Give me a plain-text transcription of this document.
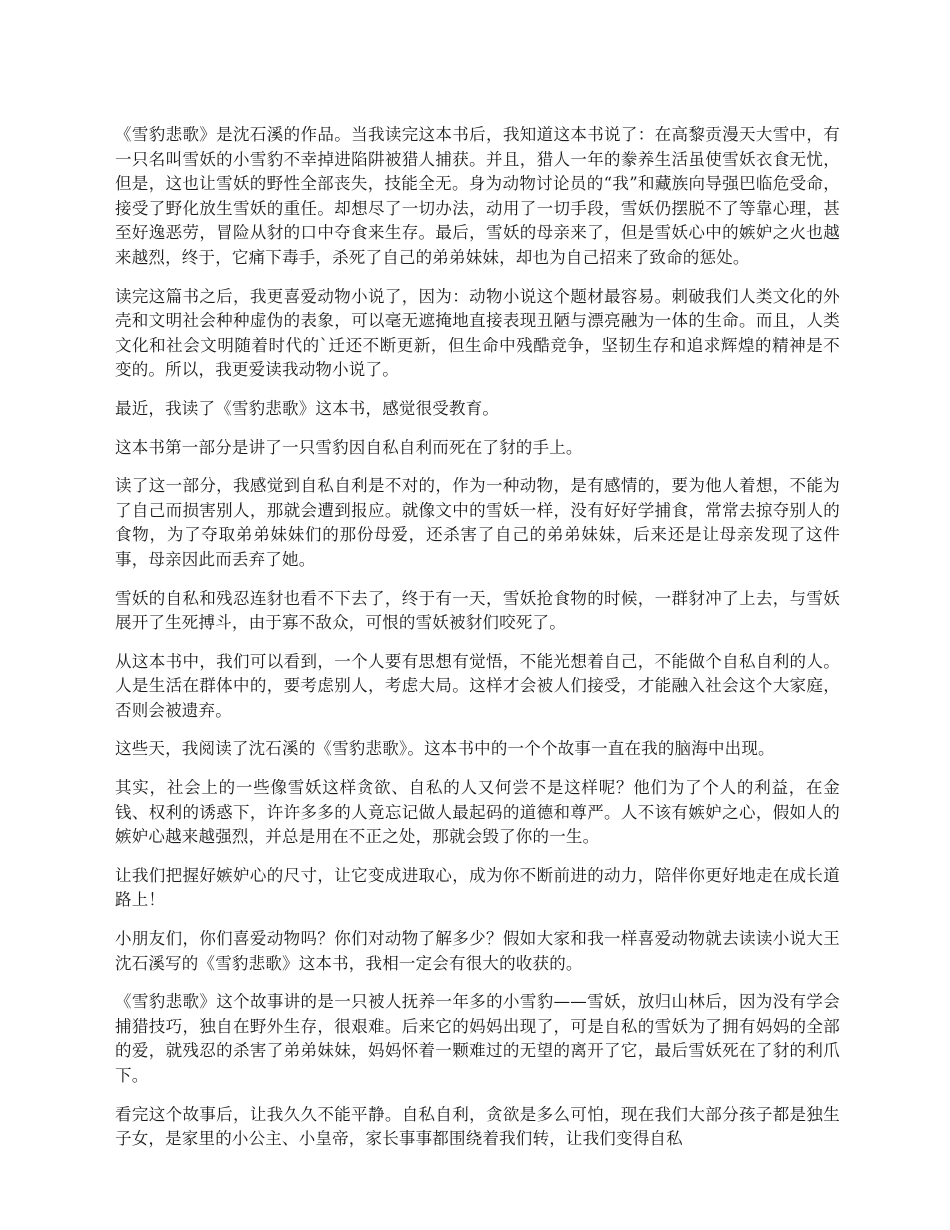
《雪豹悲歌》是沈石溪的作品。当我读完这本书后，我知道这本书说了：在高黎贡漫天大雪中，有一只名叫雪妖的小雪豹不幸掉进陷阱被猎人捕获。并且，猎人一年的豢养生活虽使雪妖衣食无忧，但是，这也让雪妖的野性全部丧失，技能全无。身为动物讨论员的“我”和藏族向导强巴临危受命，接受了野化放生雪妖的重任。却想尽了一切办法，动用了一切手段，雪妖仍摆脱不了等靠心理，甚至好逸恶劳，冒险从豺的口中夺食来生存。最后，雪妖的母亲来了，但是雪妖心中的嫉妒之火也越来越烈，终于，它痛下毒手，杀死了自己的弟弟妹妹，却也为自己招来了致命的惩处。

读完这篇书之后，我更喜爱动物小说了，因为：动物小说这个题材最容易。刺破我们人类文化的外壳和文明社会种种虚伪的表象，可以毫无遮掩地直接表现丑陋与漂亮融为一体的生命。而且，人类文化和社会文明随着时代的`迁还不断更新，但生命中残酷竞争，坚韧生存和追求辉煌的精神是不变的。所以，我更爱读我动物小说了。

最近，我读了《雪豹悲歌》这本书，感觉很受教育。

这本书第一部分是讲了一只雪豹因自私自利而死在了豺的手上。

读了这一部分，我感觉到自私自利是不对的，作为一种动物，是有感情的，要为他人着想，不能为了自己而损害别人，那就会遭到报应。就像文中的雪妖一样，没有好好学捕食，常常去掠夺别人的食物，为了夺取弟弟妹妹们的那份母爱，还杀害了自己的弟弟妹妹，后来还是让母亲发现了这件事，母亲因此而丢弃了她。

雪妖的自私和残忍连豺也看不下去了，终于有一天，雪妖抢食物的时候，一群豺冲了上去，与雪妖展开了生死搏斗，由于寡不敌众，可恨的雪妖被豺们咬死了。

从这本书中，我们可以看到，一个人要有思想有觉悟，不能光想着自己，不能做个自私自利的人。人是生活在群体中的，要考虑别人，考虑大局。这样才会被人们接受，才能融入社会这个大家庭，否则会被遗弃。

这些天，我阅读了沈石溪的《雪豹悲歌》。这本书中的一个个故事一直在我的脑海中出现。

其实，社会上的一些像雪妖这样贪欲、自私的人又何尝不是这样呢？他们为了个人的利益，在金钱、权利的诱惑下，许许多多的人竟忘记做人最起码的道德和尊严。人不该有嫉妒之心，假如人的嫉妒心越来越强烈，并总是用在不正之处，那就会毁了你的一生。

让我们把握好嫉妒心的尺寸，让它变成进取心，成为你不断前进的动力，陪伴你更好地走在成长道路上！

小朋友们，你们喜爱动物吗？你们对动物了解多少？假如大家和我一样喜爱动物就去读读小说大王沈石溪写的《雪豹悲歌》这本书，我相一定会有很大的收获的。

《雪豹悲歌》这个故事讲的是一只被人抚养一年多的小雪豹——雪妖，放归山林后，因为没有学会捕猎技巧，独自在野外生存，很艰难。后来它的妈妈出现了，可是自私的雪妖为了拥有妈妈的全部的爱，就残忍的杀害了弟弟妹妹，妈妈怀着一颗难过的无望的离开了它，最后雪妖死在了豺的利爪下。

看完这个故事后，让我久久不能平静。自私自利，贪欲是多么可怕，现在我们大部分孩子都是独生子女，是家里的小公主、小皇帝，家长事事都围绕着我们转，让我们变得自私
